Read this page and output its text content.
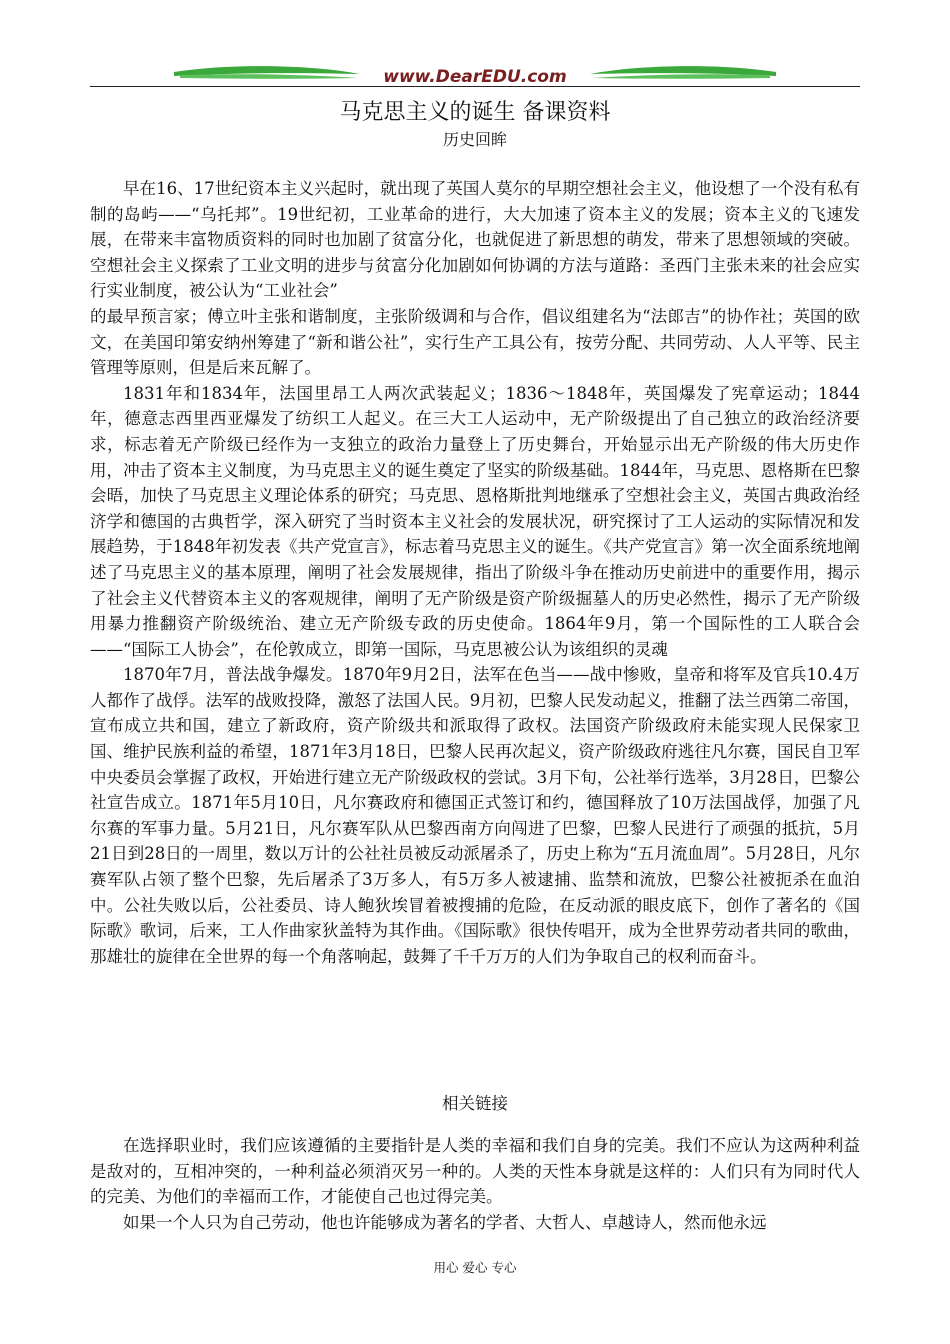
www.DearEDU.com
马克思主义的诞生 备课资料
历史回眸

早在16、17世纪资本主义兴起时，就出现了英国人莫尔的早期空想社会主义，他设想了一个没有私有制的岛屿——“乌托邦”。19世纪初，工业革命的进行，大大加速了资本主义的发展；资本主义的飞速发展，在带来丰富物质资料的同时也加剧了贫富分化，也就促进了新思想的萌发，带来了思想领域的突破。空想社会主义探索了工业文明的进步与贫富分化加剧如何协调的方法与道路：圣西门主张未来的社会应实行实业制度，被公认为“工业社会”

的最早预言家；傅立叶主张和谐制度，主张阶级调和与合作，倡议组建名为“法郎吉”的协作社；英国的欧文，在美国印第安纳州筹建了“新和谐公社”，实行生产工具公有，按劳分配、共同劳动、人人平等、民主管理等原则，但是后来瓦解了。

1831年和1834年，法国里昂工人两次武装起义；1836～1848年，英国爆发了宪章运动；1844年，德意志西里西亚爆发了纺织工人起义。在三大工人运动中，无产阶级提出了自己独立的政治经济要求，标志着无产阶级已经作为一支独立的政治力量登上了历史舞台，开始显示出无产阶级的伟大历史作用，冲击了资本主义制度，为马克思主义的诞生奠定了坚实的阶级基础。1844年，马克思、恩格斯在巴黎会晤，加快了马克思主义理论体系的研究；马克思、恩格斯批判地继承了空想社会主义，英国古典政治经济学和德国的古典哲学，深入研究了当时资本主义社会的发展状况，研究探讨了工人运动的实际情况和发展趋势，于1848年初发表《共产党宣言》，标志着马克思主义的诞生。《共产党宣言》第一次全面系统地阐述了马克思主义的基本原理，阐明了社会发展规律，指出了阶级斗争在推动历史前进中的重要作用，揭示了社会主义代替资本主义的客观规律，阐明了无产阶级是资产阶级掘墓人的历史必然性，揭示了无产阶级用暴力推翻资产阶级统治、建立无产阶级专政的历史使命。1864年9月，第一个国际性的工人联合会——“国际工人协会”，在伦敦成立，即第一国际，马克思被公认为该组织的灵魂

1870年7月，普法战争爆发。1870年9月2日，法军在色当——战中惨败，皇帝和将军及官兵10.4万人都作了战俘。法军的战败投降，激怒了法国人民。9月初，巴黎人民发动起义，推翻了法兰西第二帝国，宣布成立共和国，建立了新政府，资产阶级共和派取得了政权。法国资产阶级政府未能实现人民保家卫国、维护民族利益的希望，1871年3月18日，巴黎人民再次起义，资产阶级政府逃往凡尔赛，国民自卫军中央委员会掌握了政权，开始进行建立无产阶级政权的尝试。3月下旬，公社举行选举，3月28日，巴黎公社宣告成立。1871年5月10日，凡尔赛政府和德国正式签订和约，德国释放了10万法国战俘，加强了凡尔赛的军事力量。5月21日，凡尔赛军队从巴黎西南方向闯进了巴黎，巴黎人民进行了顽强的抵抗，5月21日到28日的一周里，数以万计的公社社员被反动派屠杀了，历史上称为“五月流血周”。5月28日，凡尔赛军队占领了整个巴黎，先后屠杀了3万多人，有5万多人被逮捕、监禁和流放，巴黎公社被扼杀在血泊中。公社失败以后，公社委员、诗人鲍狄埃冒着被搜捕的危险，在反动派的眼皮底下，创作了著名的《国际歌》歌词，后来，工人作曲家狄盖特为其作曲。《国际歌》很快传唱开，成为全世界劳动者共同的歌曲，那雄壮的旋律在全世界的每一个角落响起，鼓舞了千千万万的人们为争取自己的权利而奋斗。

相关链接

在选择职业时，我们应该遵循的主要指针是人类的幸福和我们自身的完美。我们不应认为这两种利益是敌对的，互相冲突的，一种利益必须消灭另一种的。人类的天性本身就是这样的：人们只有为同时代人的完美、为他们的幸福而工作，才能使自己也过得完美。

如果一个人只为自己劳动，他也许能够成为著名的学者、大哲人、卓越诗人，然而他永远

用心 爱心 专心
